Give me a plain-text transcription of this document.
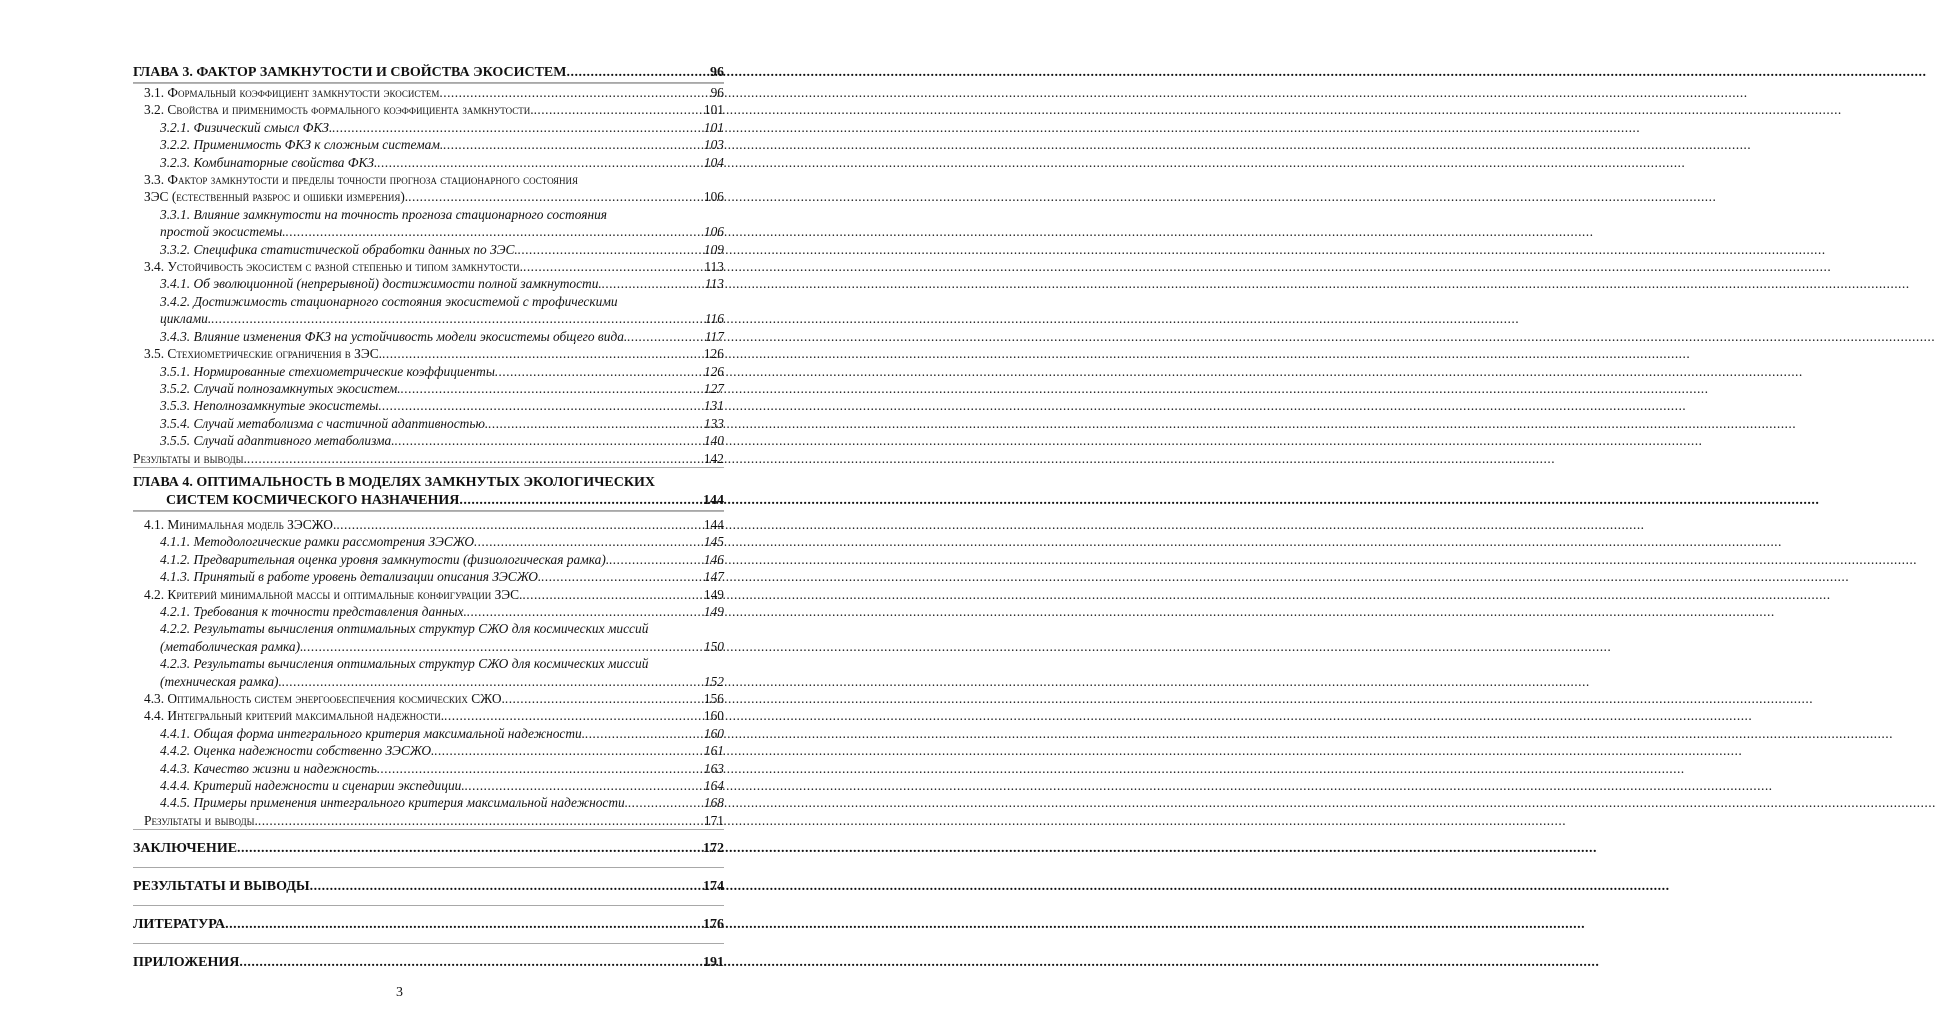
ГЛАВА 3. ФАКТОР ЗАМКНУТОСТИ И СВОЙСТВА ЭКОСИСТЕМ .....	96
3.1. Формальный коэффициент замкнутости экосистем .....	96
3.2. Свойства и применимость формального коэффициента замкнутости. .....	101
3.2.1. Физический смысл ФКЗ. .....	101
3.2.2. Применимость ФКЗ к сложным системам. .....	103
3.2.3. Комбинаторные свойства ФКЗ. .....	104
3.3. Фактор замкнутости и пределы точности прогноза стационарного состояния
ЗЭС (естественный разброс и ошибки измерения). .....	106
3.3.1. Влияние замкнутости на точность прогноза стационарного состояния
простой экосистемы. .....	106
3.3.2. Специфика статистической обработки данных по ЗЭС. .....	109
3.4. Устойчивость экосистем с разной степенью и типом замкнутости. .....	113
3.4.1. Об эволюционной (непрерывной) достижимости полной замкнутости. .....	113
3.4.2. Достижимость стационарного состояния экосистемой с трофическими
циклами. .....	116
3.4.3. Влияние изменения ФКЗ на устойчивость модели экосистемы общего вида. .....	117
3.5. Стехиометрические ограничения в ЗЭС. .....	126
3.5.1. Нормированные стехиометрические коэффициенты .....	126
3.5.2. Случай полнозамкнутых экосистем. .....	127
3.5.3. Неполнозамкнутые экосистемы .....	131
3.5.4. Случай метаболизма с частичной адаптивностью. .....	133
3.5.5. Случай адаптивного метаболизма. .....	140
Результаты и выводы. .....	142
ГЛАВА 4. ОПТИМАЛЬНОСТЬ В МОДЕЛЯХ ЗАМКНУТЫХ ЭКОЛОГИЧЕСКИХ
СИСТЕМ КОСМИЧЕСКОГО НАЗНАЧЕНИЯ .....	144
4.1. Минимальная модель ЗЭСЖО. .....	144
4.1.1. Методологические рамки рассмотрения ЗЭСЖО .....	145
4.1.2. Предварительная оценка уровня замкнутости (физиологическая рамка). .....	146
4.1.3. Принятый в работе уровень детализации описания ЗЭСЖО. .....	147
4.2. Критерий минимальной массы и оптимальные конфигурации ЗЭС. .....	149
4.2.1. Требования к точности представления данных. .....	149
4.2.2. Результаты вычисления оптимальных структур СЖО для космических миссий
(метаболическая рамка). .....	150
4.2.3. Результаты вычисления оптимальных структур СЖО для космических миссий
(техническая рамка). .....	152
4.3. Оптимальность систем энергообеспечения космических СЖО. .....	156
4.4. Интегральный критерий максимальной надежности. .....	160
4.4.1. Общая форма интегрального критерия максимальной надежности. .....	160
4.4.2. Оценка надежности собственно ЗЭСЖО. .....	161
4.4.3. Качество жизни и надежность .....	163
4.4.4. Критерий надежности и сценарии экспедиции. .....	164
4.4.5. Примеры применения интегрального критерия максимальной надежности. .....	168
Результаты и выводы. .....	171
ЗАКЛЮЧЕНИЕ .....	172
РЕЗУЛЬТАТЫ И ВЫВОДЫ .....	174
ЛИТЕРАТУРА .....	176
ПРИЛОЖЕНИЯ .....	191
3
